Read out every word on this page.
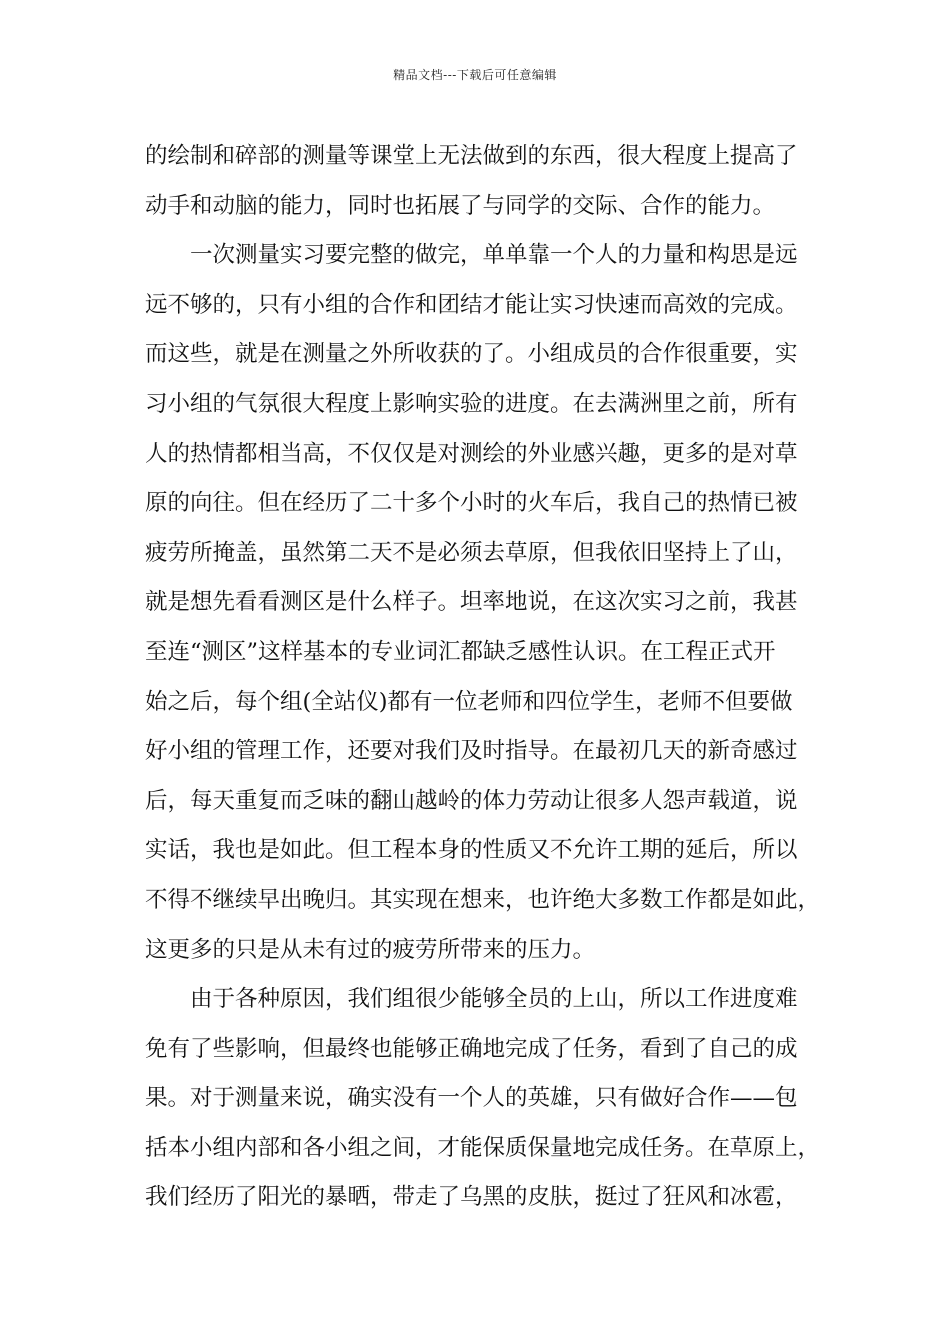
精品文档---下载后可任意编辑
的绘制和碎部的测量等课堂上无法做到的东西，很大程度上提高了
动手和动脑的能力，同时也拓展了与同学的交际、合作的能力。
　　一次测量实习要完整的做完，单单靠一个人的力量和构思是远
远不够的，只有小组的合作和团结才能让实习快速而高效的完成。
而这些，就是在测量之外所收获的了。小组成员的合作很重要，实
习小组的气氛很大程度上影响实验的进度。在去满洲里之前，所有
人的热情都相当高，不仅仅是对测绘的外业感兴趣，更多的是对草
原的向往。但在经历了二十多个小时的火车后，我自己的热情已被
疲劳所掩盖，虽然第二天不是必须去草原，但我依旧坚持上了山，
就是想先看看测区是什么样子。坦率地说，在这次实习之前，我甚
至连“测区”这样基本的专业词汇都缺乏感性认识。在工程正式开
始之后，每个组(全站仪)都有一位老师和四位学生，老师不但要做
好小组的管理工作，还要对我们及时指导。在最初几天的新奇感过
后，每天重复而乏味的翻山越岭的体力劳动让很多人怨声载道，说
实话，我也是如此。但工程本身的性质又不允许工期的延后，所以
不得不继续早出晚归。其实现在想来，也许绝大多数工作都是如此，
这更多的只是从未有过的疲劳所带来的压力。
　　由于各种原因，我们组很少能够全员的上山，所以工作进度难
免有了些影响，但最终也能够正确地完成了任务，看到了自己的成
果。对于测量来说，确实没有一个人的英雄，只有做好合作——包
括本小组内部和各小组之间，才能保质保量地完成任务。在草原上，
我们经历了阳光的暴晒，带走了乌黑的皮肤，挺过了狂风和冰雹，
